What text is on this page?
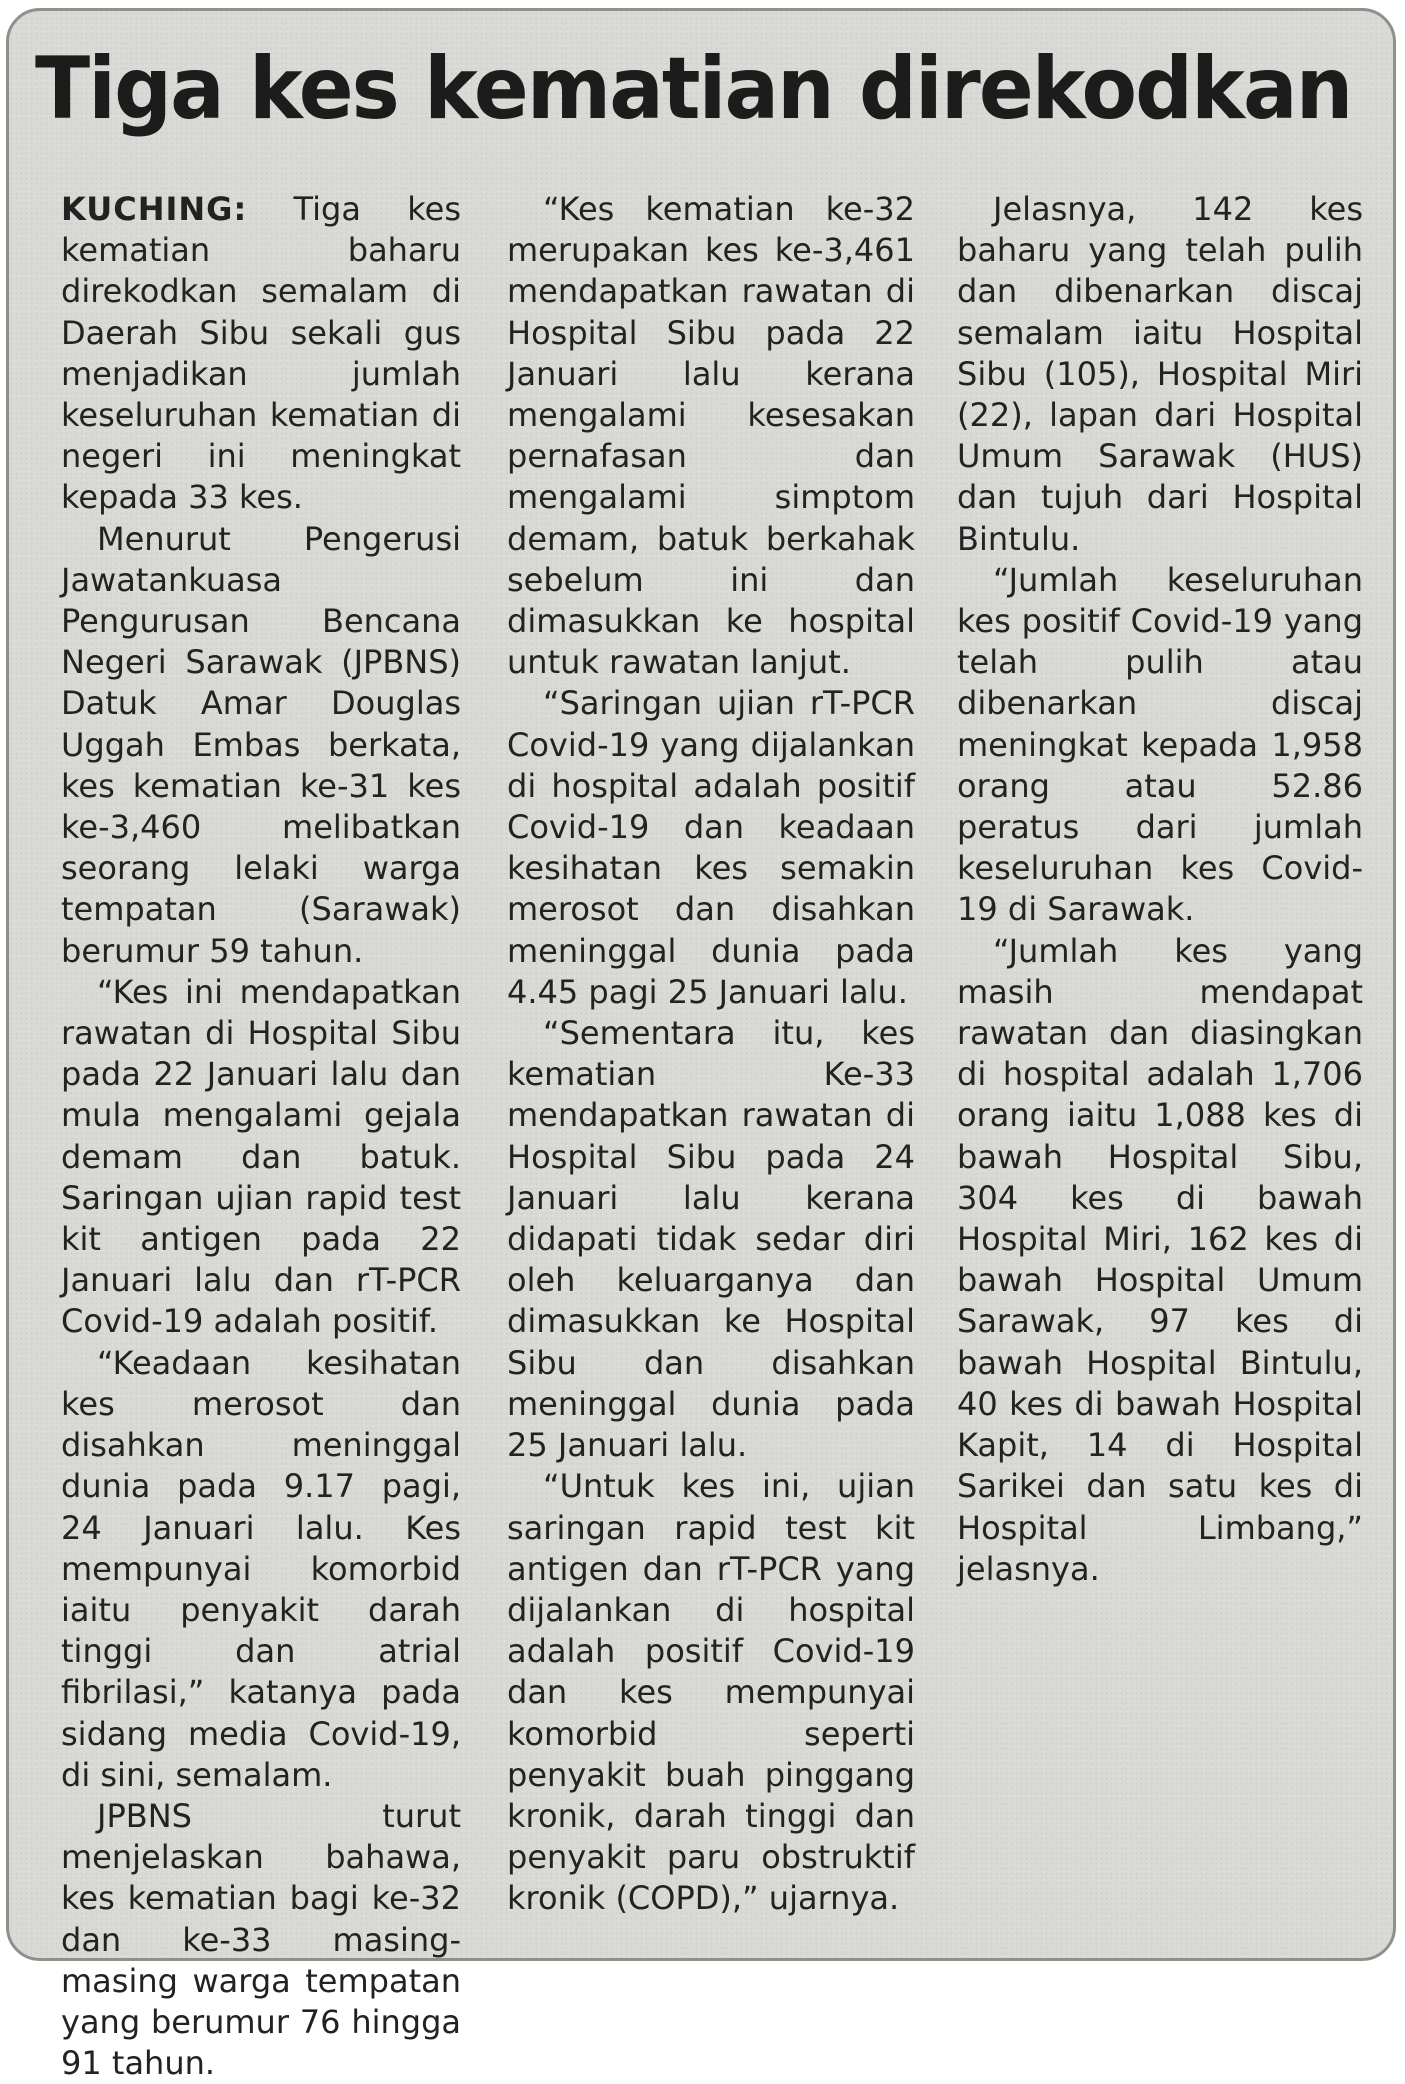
Tiga kes kematian direkodkan

KUCHING: Tiga kes kematian baharu direkodkan semalam di Daerah Sibu sekali gus menjadikan jumlah keseluruhan kematian di negeri ini meningkat kepada 33 kes.

Menurut Pengerusi Jawatankuasa Pengurusan Bencana Negeri Sarawak (JPBNS) Datuk Amar Douglas Uggah Embas berkata, kes kematian ke-31 kes ke-3,460 melibatkan seorang lelaki warga tempatan (Sarawak) berumur 59 tahun.

“Kes ini mendapatkan rawatan di Hospital Sibu pada 22 Januari lalu dan mula mengalami gejala demam dan batuk. Saringan ujian rapid test kit antigen pada 22 Januari lalu dan rT-PCR Covid-19 adalah positif.

“Keadaan kesihatan kes merosot dan disahkan meninggal dunia pada 9.17 pagi, 24 Januari lalu. Kes mempunyai komorbid iaitu penyakit darah tinggi dan atrial fibrilasi,” katanya pada sidang media Covid-19, di sini, semalam.

JPBNS turut menjelaskan bahawa, kes kematian bagi ke-32 dan ke-33 masing-masing warga tempatan yang berumur 76 hingga 91 tahun.

“Kes kematian ke-32 merupakan kes ke-3,461 mendapatkan rawatan di Hospital Sibu pada 22 Januari lalu kerana mengalami kesesakan pernafasan dan mengalami simptom demam, batuk berkahak sebelum ini dan dimasukkan ke hospital untuk rawatan lanjut.

“Saringan ujian rT-PCR Covid-19 yang dijalankan di hospital adalah positif Covid-19 dan keadaan kesihatan kes semakin merosot dan disahkan meninggal dunia pada 4.45 pagi 25 Januari lalu.

“Sementara itu, kes kematian Ke-33 mendapatkan rawatan di Hospital Sibu pada 24 Januari lalu kerana didapati tidak sedar diri oleh keluarganya dan dimasukkan ke Hospital Sibu dan disahkan meninggal dunia pada 25 Januari lalu.

“Untuk kes ini, ujian saringan rapid test kit antigen dan rT-PCR yang dijalankan di hospital adalah positif Covid-19 dan kes mempunyai komorbid seperti penyakit buah pinggang kronik, darah tinggi dan penyakit paru obstruktif kronik (COPD),” ujarnya.

Jelasnya, 142 kes baharu yang telah pulih dan dibenarkan discaj semalam iaitu Hospital Sibu (105), Hospital Miri (22), lapan dari Hospital Umum Sarawak (HUS) dan tujuh dari Hospital Bintulu.

“Jumlah keseluruhan kes positif Covid-19 yang telah pulih atau dibenarkan discaj meningkat kepada 1,958 orang atau 52.86 peratus dari jumlah keseluruhan kes Covid-19 di Sarawak.

“Jumlah kes yang masih mendapat rawatan dan diasingkan di hospital adalah 1,706 orang iaitu 1,088 kes di bawah Hospital Sibu, 304 kes di bawah Hospital Miri, 162 kes di bawah Hospital Umum Sarawak, 97 kes di bawah Hospital Bintulu, 40 kes di bawah Hospital Kapit, 14 di Hospital Sarikei dan satu kes di Hospital Limbang,” jelasnya.
